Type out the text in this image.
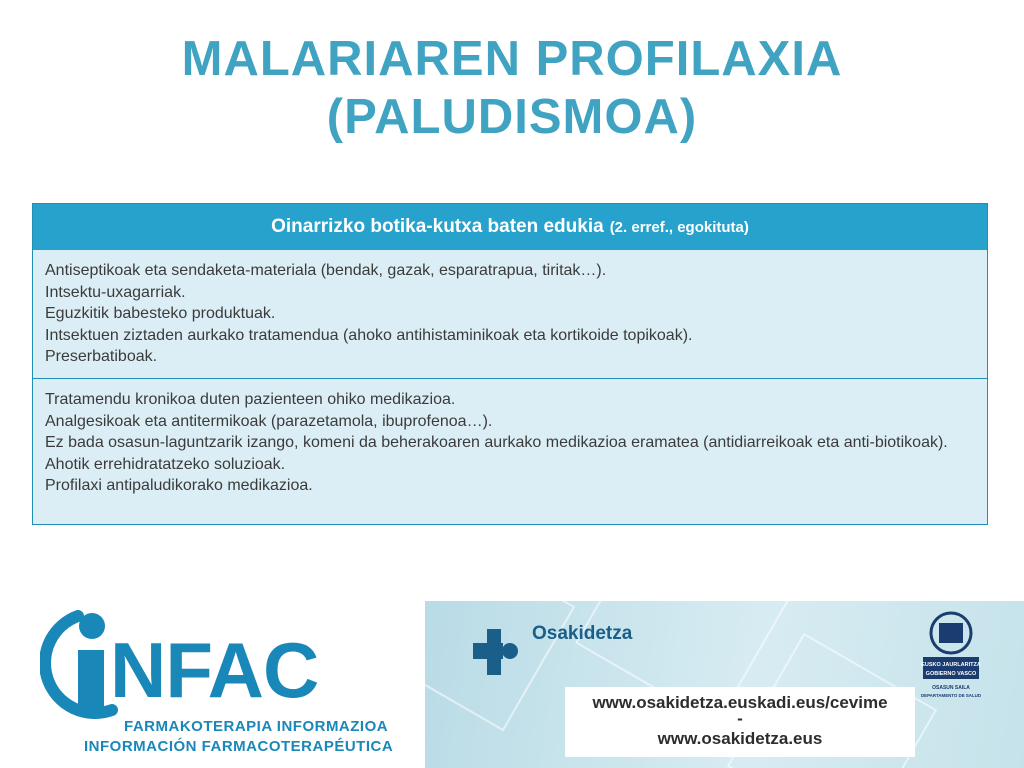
MALARIAREN PROFILAXIA
(PALUDISMOA)
Oinarrizko botika-kutxa baten edukia (2. erref., egokituta)
Antiseptikoak eta sendaketa-materiala (bendak, gazak, esparatrapua, tiritak…).
Intsektu-uxagarriak.
Eguzkitik babesteko produktuak.
Intsektuen ziztaden aurkako tratamendua (ahoko antihistaminikoak eta kortikoide topikoak).
Preserbatiboak.
Tratamendu kronikoa duten pazienteen ohiko medikazioa.
Analgesikoak eta antitermikoak (parazetamola, ibuprofenoa…).
Ez bada osasun-laguntzarik izango, komeni da beherakoaren aurkako medikazioa eramatea (antidiarreikoak eta anti-biotikoak).
Ahotik errehidratatzeko soluzioak.
Profilaxi antipaludikorako medikazioa.
NFAC
FARMAKOTERAPIA INFORMAZIOA
INFORMACIÓN FARMACOTERAPÉUTICA
Osakidetza
EUSKO JAURLARITZA
GOBIERNO VASCO
OSASUN SAILA
DEPARTAMENTO DE SALUD
www.osakidetza.euskadi.eus/cevime
-
www.osakidetza.eus
